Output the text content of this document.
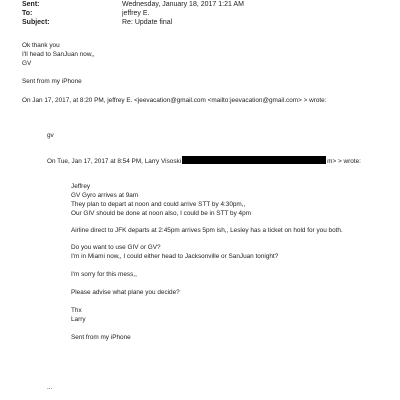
Sent:	Wednesday, January 18, 2017 1:21 AM
To:	jeffrey E.
Subject:	Re: Update final
Ok thank you
I'll head to SanJuan now,,
GV
Sent from my iPhone
On Jan 17, 2017, at 8:20 PM, jeffrey E. <jeevacation@gmail.com <mailto:jeevacation@gmail.com> > wrote:
gv
On Tue, Jan 17, 2017 at 8:54 PM, Larry Visoski	m> > wrote:
Jeffrey
GV Gyro arrives at 9am
They plan to depart at noon and could arrive STT by 4:30pm,,
Our GIV should be done at noon also, I could be in STT by 4pm
Airline direct to JFK departs at 2:45pm arrives 5pm ish,, Lesley has a ticket on hold for you both.
Do you want to use GIV or GV?
I'm in Miami now,, I could either head to Jacksonville or SanJuan tonight?
I'm sorry for this mess,,
Please advise what plane you decide?
Thx
Larry
Sent from my iPhone
...
